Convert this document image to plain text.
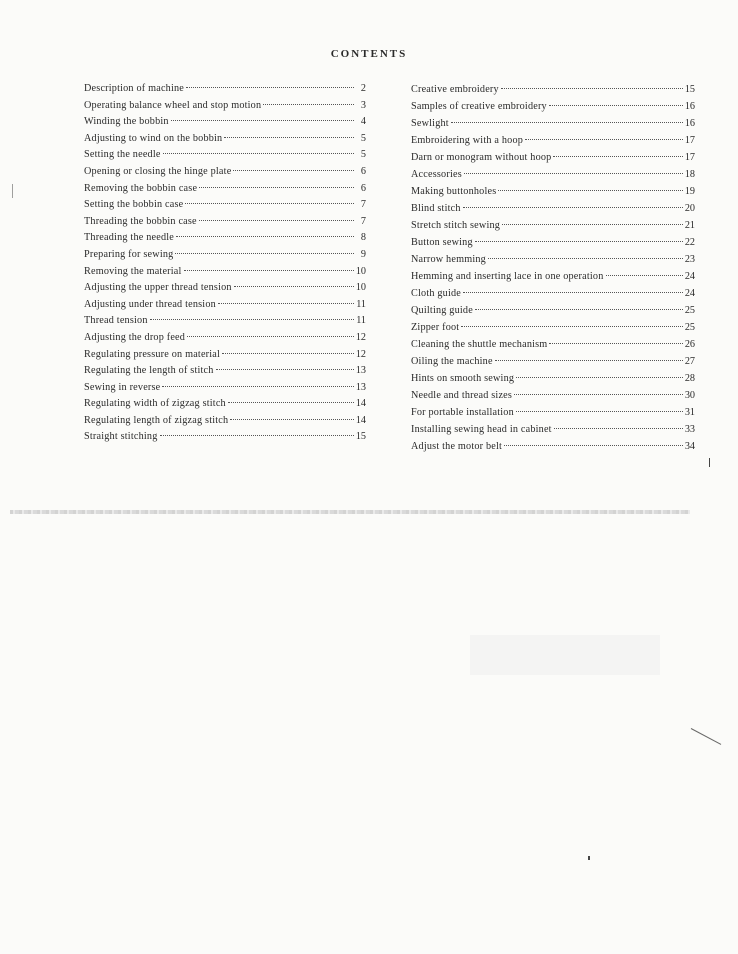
CONTENTS
Description of machine	2
Operating balance wheel and stop motion	3
Winding the bobbin	4
Adjusting to wind on the bobbin	5
Setting the needle	5
Opening or closing the hinge plate	6
Removing the bobbin case	6
Setting the bobbin case	7
Threading the bobbin case	7
Threading the needle	8
Preparing for sewing	9
Removing the material	10
Adjusting the upper thread tension	10
Adjusting under thread tension	11
Thread tension	11
Adjusting the drop feed	12
Regulating pressure on material	12
Regulating the length of stitch	13
Sewing in reverse	13
Regulating width of zigzag stitch	14
Regulating length of zigzag stitch	14
Straight stitching	15
Creative embroidery	15
Samples of creative embroidery	16
Sewlight	16
Embroidering with a hoop	17
Darn or monogram without hoop	17
Accessories	18
Making buttonholes	19
Blind stitch	20
Stretch stitch sewing	21
Button sewing	22
Narrow hemming	23
Hemming and inserting lace in one operation	24
Cloth guide	24
Quilting guide	25
Zipper foot	25
Cleaning the shuttle mechanism	26
Oiling the machine	27
Hints on smooth sewing	28
Needle and thread sizes	30
For portable installation	31
Installing sewing head in cabinet	33
Adjust the motor belt	34
